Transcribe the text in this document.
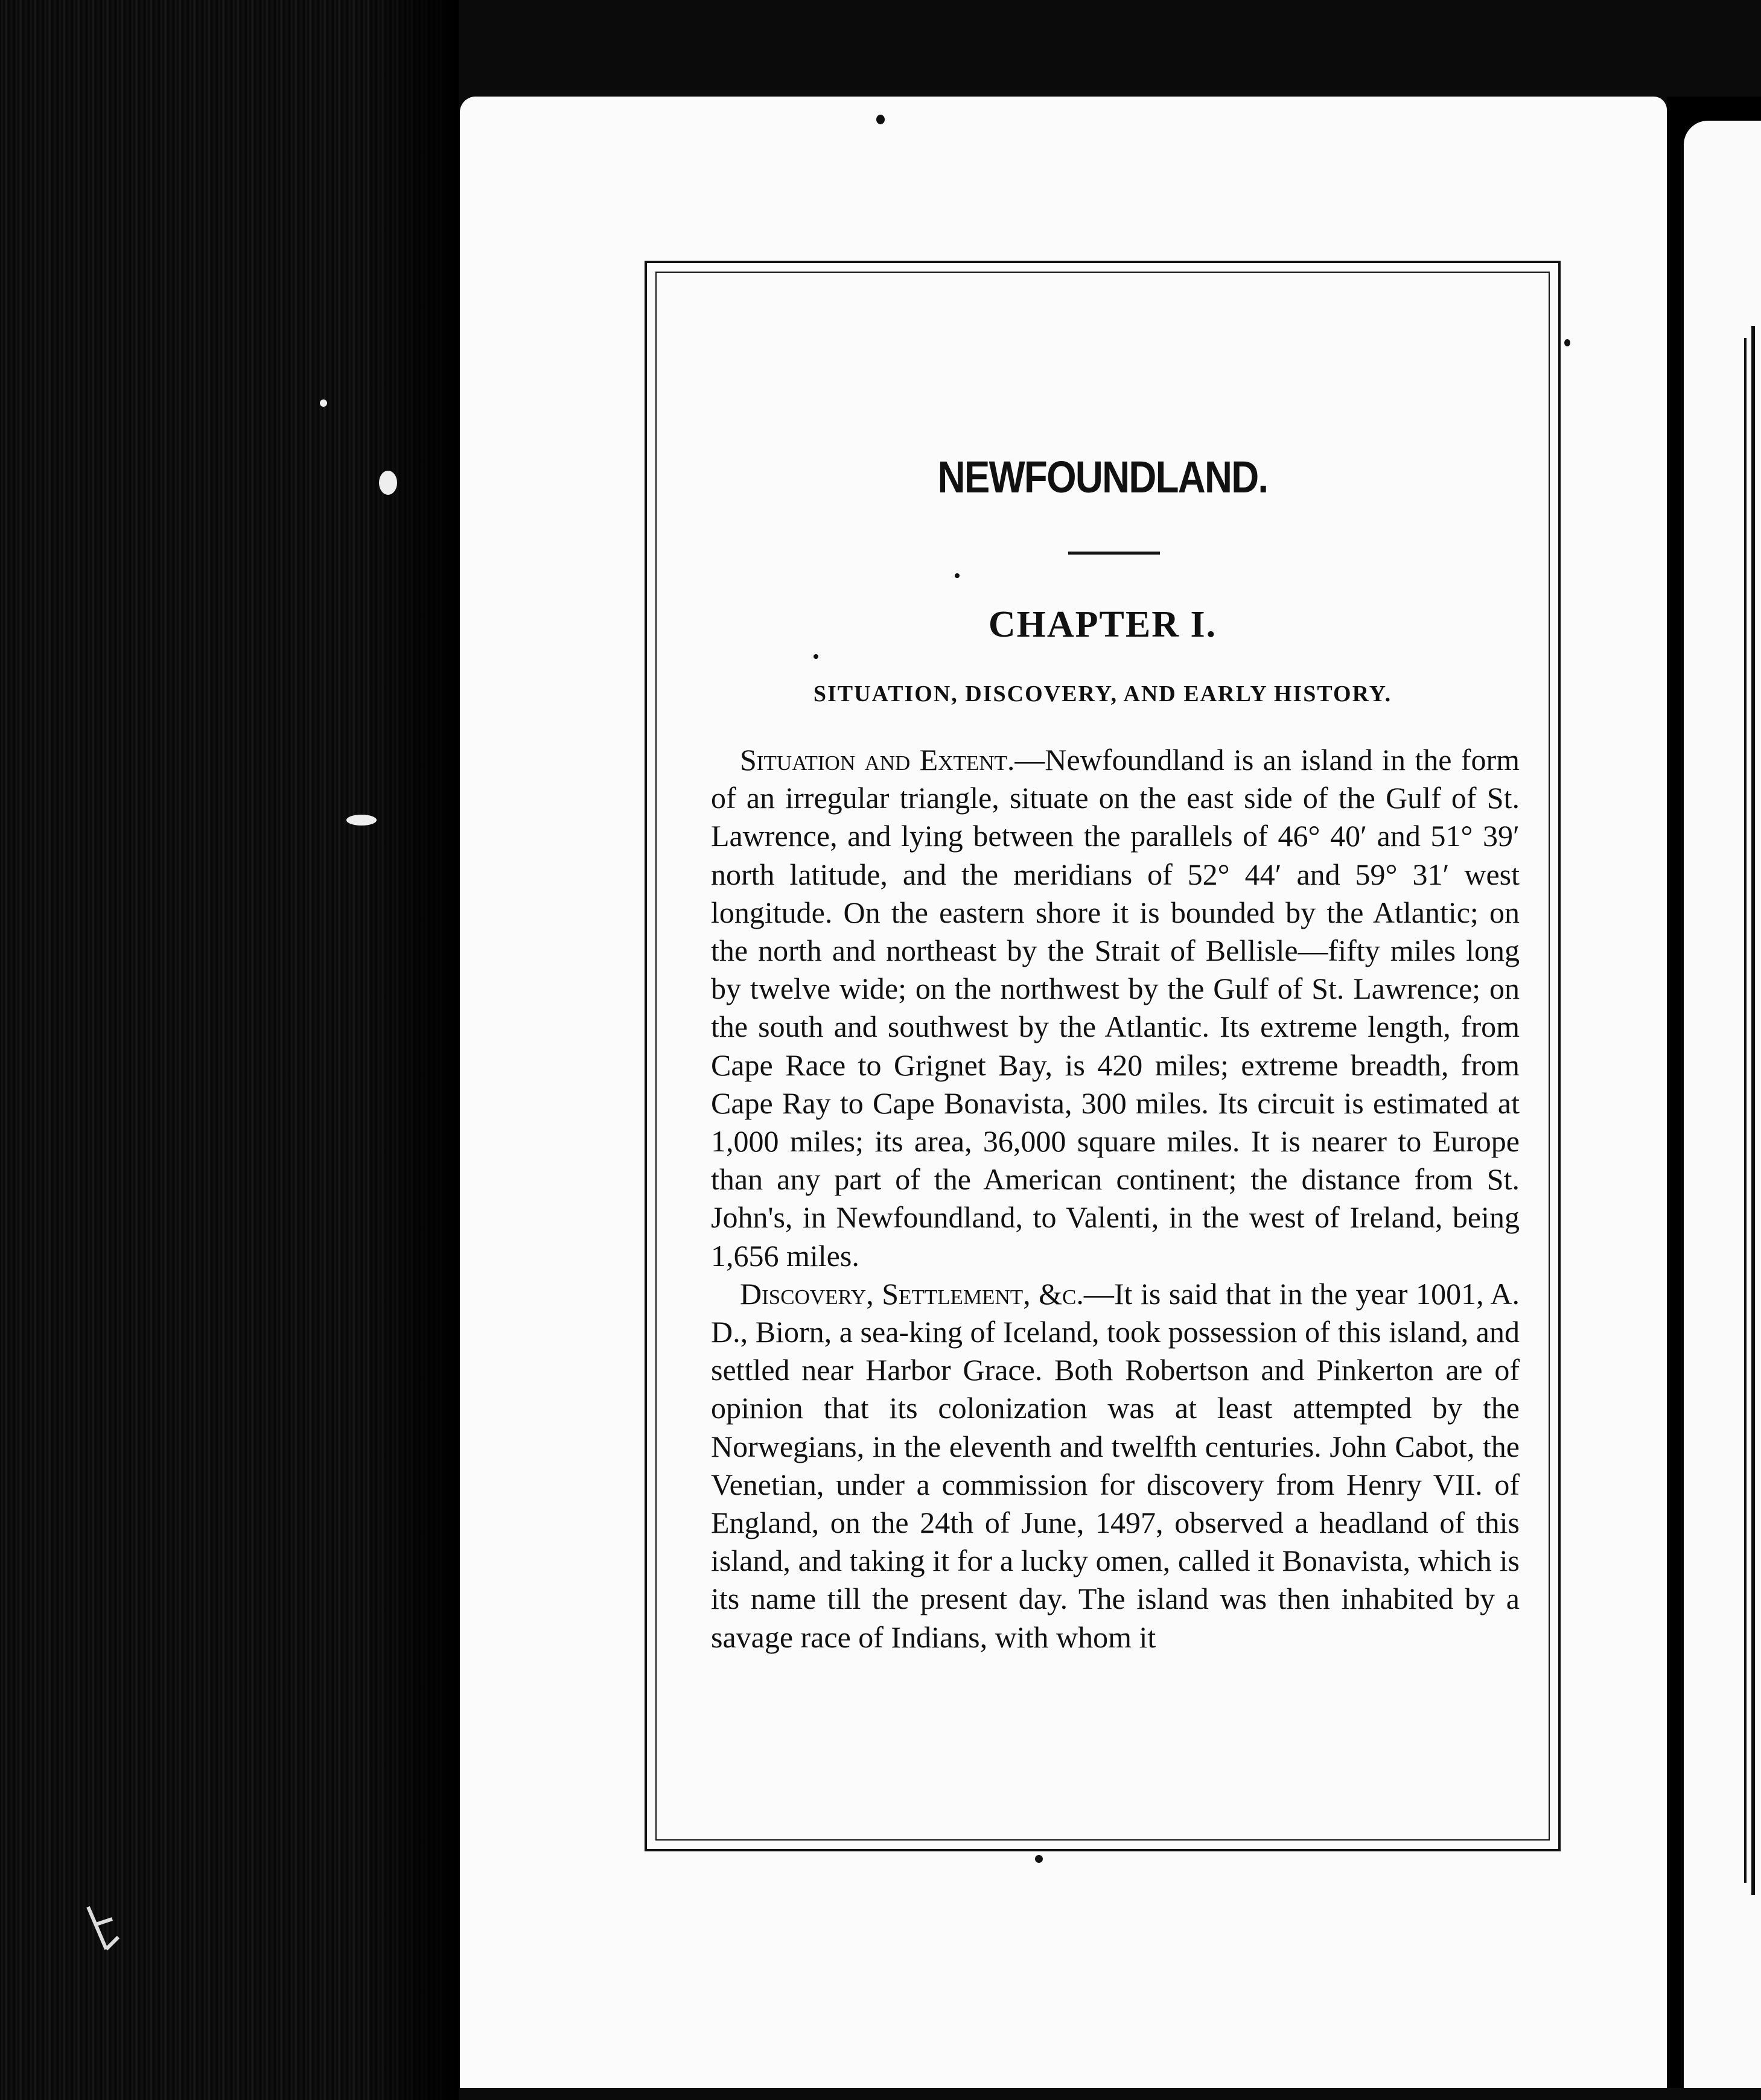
NEWFOUNDLAND.
CHAPTER I.
SITUATION, DISCOVERY, AND EARLY HISTORY.

Situation and Extent.—Newfoundland is an island in the form of an irregular triangle, situate on the east side of the Gulf of St. Lawrence, and lying between the parallels of 46° 40′ and 51° 39′ north latitude, and the meridians of 52° 44′ and 59° 31′ west longitude. On the eastern shore it is bounded by the Atlantic; on the north and northeast by the Strait of Bellisle—fifty miles long by twelve wide; on the northwest by the Gulf of St. Lawrence; on the south and southwest by the Atlantic. Its extreme length, from Cape Race to Grignet Bay, is 420 miles; extreme breadth, from Cape Ray to Cape Bonavista, 300 miles. Its circuit is estimated at 1,000 miles; its area, 36,000 square miles. It is nearer to Europe than any part of the American continent; the distance from St. John's, in Newfoundland, to Valenti, in the west of Ireland, being 1,656 miles.

Discovery, Settlement, &c.—It is said that in the year 1001, A. D., Biorn, a sea-king of Iceland, took possession of this island, and settled near Harbor Grace. Both Robertson and Pinkerton are of opinion that its colonization was at least attempted by the Norwegians, in the eleventh and twelfth centuries. John Cabot, the Venetian, under a commission for discovery from Henry VII. of England, on the 24th of June, 1497, observed a headland of this island, and taking it for a lucky omen, called it Bonavista, which is its name till the present day. The island was then inhabited by a savage race of Indians, with whom it
